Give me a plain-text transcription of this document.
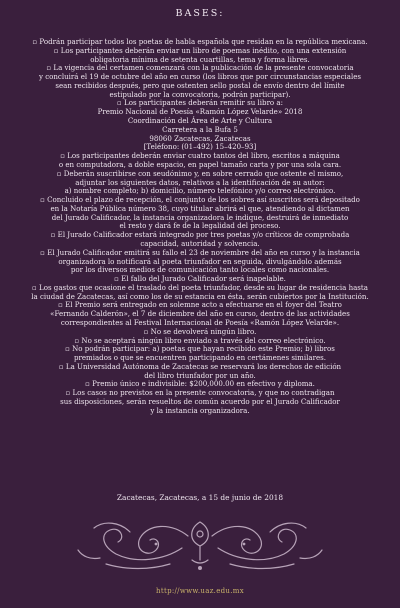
BASES:

▫ Podrán participar todos los poetas de habla española que residan en la república mexicana.

▫ Los participantes deberán enviar un libro de poemas inédito, con una extensión

obligatoria mínima de setenta cuartillas, tema y forma libres.

▫ La vigencia del certamen comenzará con la publicación de la presente convocatoria

y concluirá el 19 de octubre del año en curso (los libros que por circunstancias especiales

sean recibidos después, pero que ostenten sello postal de envío dentro del límite

estipulado por la convocatoria, podrán participar).

▫ Los participantes deberán remitir su libro a:

Premio Nacional de Poesía «Ramón López Velarde» 2018

Coordinación del Área de Arte y Cultura

Carretera a la Bufa 5

98060 Zacatecas, Zacatecas

[Teléfono: (01–492) 15–420–93]

▫ Los participantes deberán enviar cuatro tantos del libro, escritos a máquina

o en computadora, a doble espacio, en papel tamaño carta y por una sola cara.

▫ Deberán suscribirse con seudónimo y, en sobre cerrado que ostente el mismo,

adjuntar los siguientes datos, relativos a la identificación de su autor:

a) nombre completo; b) domicilio, número telefónico y/o correo electrónico.

▫ Concluido el plazo de recepción, el conjunto de los sobres así suscritos será depositado

en la Notaría Pública número 38, cuyo titular abrirá el que, atendiendo al dictamen

del Jurado Calificador, la instancia organizadora le indique, destruirá de inmediato

el resto y dará fe de la legalidad del proceso.

▫ El Jurado Calificador estará integrado por tres poetas y/o críticos de comprobada

capacidad, autoridad y solvencia.

▫ El Jurado Calificador emitirá su fallo el 23 de noviembre del año en curso y la instancia

organizadora lo notificará al poeta triunfador en seguida, divulgándolo además

por los diversos medios de comunicación tanto locales como nacionales.

▫ El fallo del Jurado Calificador será inapelable.

▫ Los gastos que ocasione el traslado del poeta triunfador, desde su lugar de residencia hasta

la ciudad de Zacatecas, así como los de su estancia en ésta, serán cubiertos por la Institución.

▫ El Premio será entregado en solemne acto a efectuarse en el foyer del Teatro

«Fernando Calderón», el 7 de diciembre del año en curso, dentro de las actividades

correspondientes al Festival Internacional de Poesía «Ramón López Velarde».

▫ No se devolverá ningún libro.

▫ No se aceptará ningún libro enviado a través del correo electrónico.

▫ No podrán participar: a) poetas que hayan recibido este Premio; b) libros

premiados o que se encuentren participando en certámenes similares.

▫ La Universidad Autónoma de Zacatecas se reservará los derechos de edición

del libro triunfador por un año.

▫ Premio único e indivisible: $200,000.00 en efectivo y diploma.

▫ Los casos no previstos en la presente convocatoria, y que no contradigan

sus disposiciones, serán resueltos de común acuerdo por el Jurado Calificador

y la instancia organizadora.

Zacatecas, Zacatecas, a 15 de junio de 2018
http://www.uaz.edu.mx
